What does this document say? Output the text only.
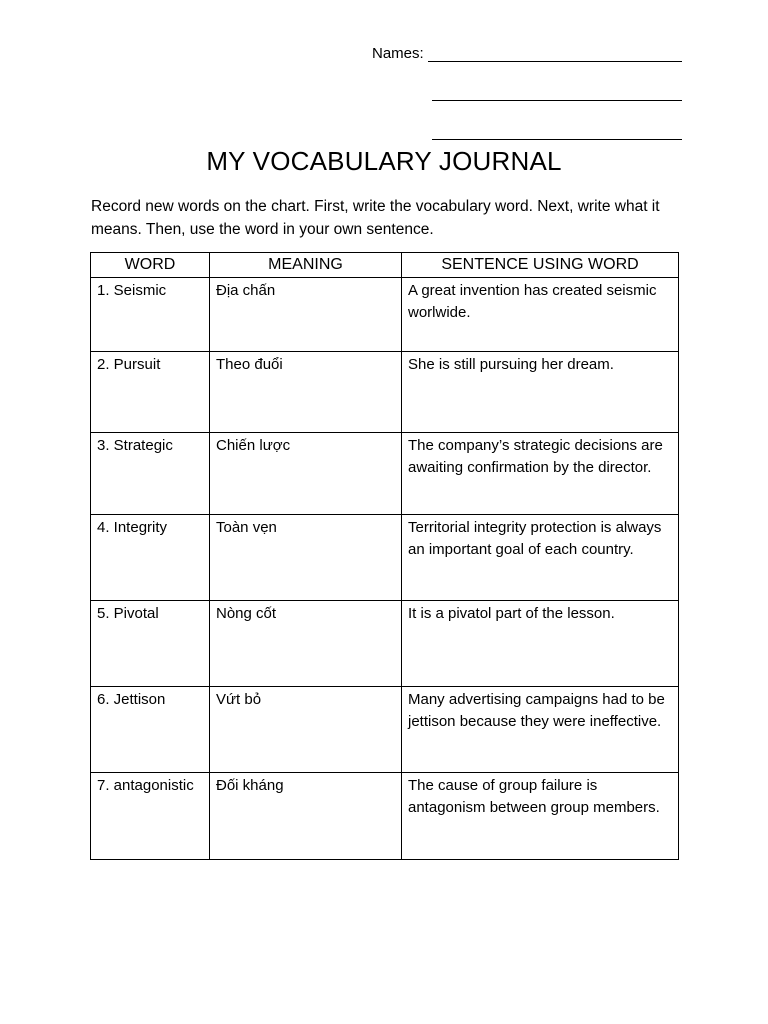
Names:
MY VOCABULARY JOURNAL

Record new words on the chart. First, write the vocabulary word. Next, write what it means. Then, use the word in your own sentence.

WORD	MEANING	SENTENCE USING WORD
1. Seismic	Địa chấn	A great invention has created seismic worlwide.
2. Pursuit	Theo đuổi	She is still pursuing her dream.
3. Strategic	Chiến lược	The company’s strategic decisions are awaiting confirmation by the director.
4. Integrity	Toàn vẹn	Territorial integrity protection is always an important goal of each country.
5. Pivotal	Nòng cốt	It is a pivatol part of the lesson.
6. Jettison	Vứt bỏ	Many advertising campaigns had to be jettison because they were ineffective.
7. antagonistic	Đối kháng	The cause of group failure is antagonism between group members.
